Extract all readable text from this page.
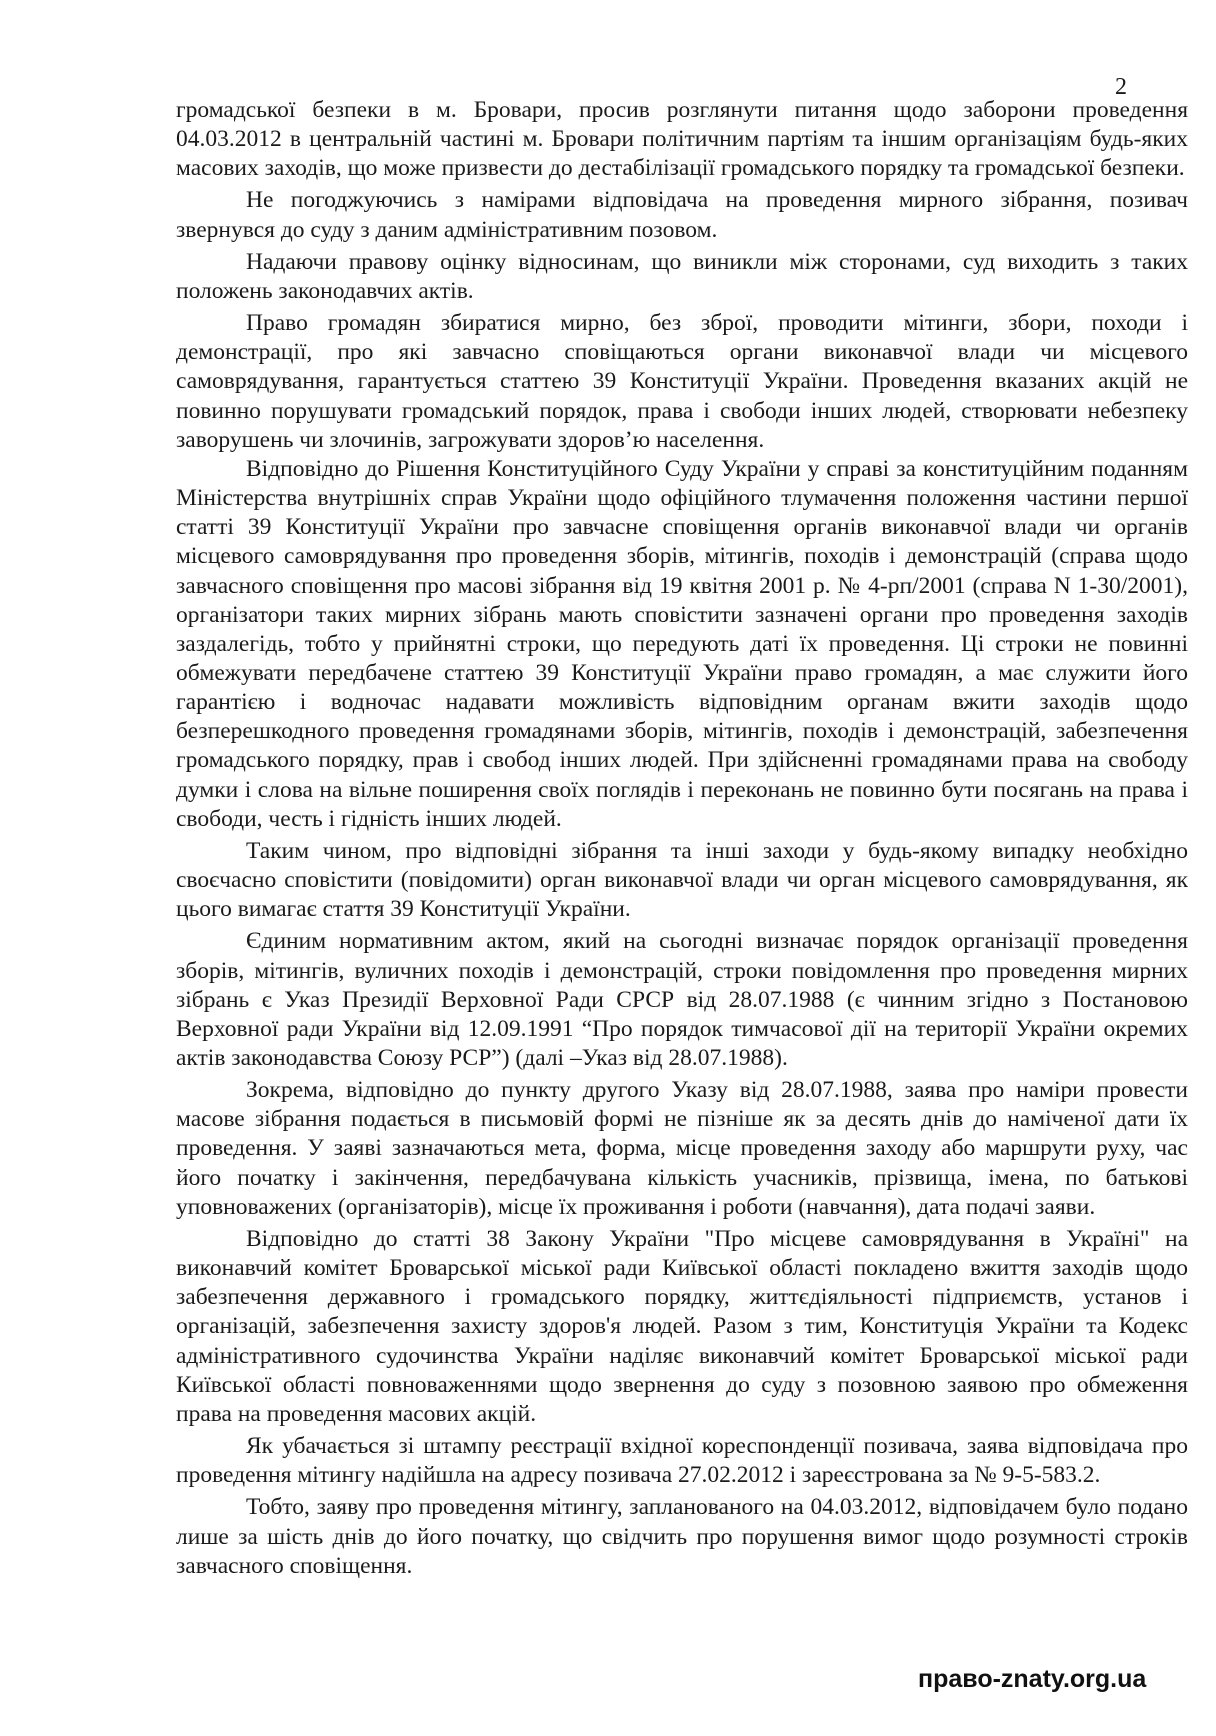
2

громадської безпеки в м. Бровари, просив розглянути питання щодо заборони проведення 04.03.2012 в центральній частині м. Бровари політичним партіям та іншим організаціям будь-яких масових заходів, що може призвести до дестабілізації громадського порядку та громадської безпеки.

Не погоджуючись з намірами відповідача на проведення мирного зібрання, позивач звернувся до суду з даним адміністративним позовом.

Надаючи правову оцінку відносинам, що виникли між сторонами, суд виходить з таких положень законодавчих актів.

Право громадян збиратися мирно, без зброї, проводити мітинги, збори, походи і демонстрації, про які завчасно сповіщаються органи виконавчої влади чи місцевого самоврядування, гарантується статтею 39 Конституції України. Проведення вказаних акцій не повинно порушувати громадський порядок, права і свободи інших людей, створювати небезпеку заворушень чи злочинів, загрожувати здоров’ю населення.

Відповідно до Рішення Конституційного Суду України у справі за конституційним поданням Міністерства внутрішніх справ України щодо офіційного тлумачення положення частини першої статті 39 Конституції України про завчасне сповіщення органів виконавчої влади чи органів місцевого самоврядування про проведення зборів, мітингів, походів і демонстрацій (справа щодо завчасного сповіщення про масові зібрання від 19 квітня 2001 р. № 4-рп/2001 (справа N 1-30/2001), організатори таких мирних зібрань мають сповістити зазначені органи про проведення заходів заздалегідь, тобто у прийнятні строки, що передують даті їх проведення. Ці строки не повинні обмежувати передбачене статтею 39 Конституції України право громадян, а має служити його гарантією і водночас надавати можливість відповідним органам вжити заходів щодо безперешкодного проведення громадянами зборів, мітингів, походів і демонстрацій, забезпечення громадського порядку, прав і свобод інших людей. При здійсненні громадянами права на свободу думки і слова на вільне поширення своїх поглядів і переконань не повинно бути посягань на права і свободи, честь і гідність інших людей.

Таким чином, про відповідні зібрання та інші заходи у будь-якому випадку необхідно своєчасно сповістити (повідомити) орган виконавчої влади чи орган місцевого самоврядування, як цього вимагає стаття 39 Конституції України.

Єдиним нормативним актом, який на сьогодні визначає порядок організації проведення зборів, мітингів, вуличних походів і демонстрацій, строки повідомлення про проведення мирних зібрань є Указ Президії Верховної Ради СРСР від 28.07.1988 (є чинним згідно з Постановою Верховної ради України від 12.09.1991 “Про порядок тимчасової дії на території України окремих актів законодавства Союзу РСР”) (далі –Указ від 28.07.1988).

Зокрема, відповідно до пункту другого Указу від 28.07.1988, заява про наміри провести масове зібрання подається в письмовій формі не пізніше як за десять днів до наміченої дати їх проведення. У заяві зазначаються мета, форма, місце проведення заходу або маршрути руху, час його початку і закінчення, передбачувана кількість учасників, прізвища, імена, по батькові уповноважених (організаторів), місце їх проживання і роботи (навчання), дата подачі заяви.

Відповідно до статті 38 Закону України "Про місцеве самоврядування в Україні" на виконавчий комітет Броварської міської ради Київської області покладено вжиття заходів щодо забезпечення державного і громадського порядку, життєдіяльності підприємств, установ і організацій, забезпечення захисту здоров'я людей. Разом з тим, Конституція України та Кодекс адміністративного судочинства України наділяє виконавчий комітет Броварської міської ради Київської області повноваженнями щодо звернення до суду з позовною заявою про обмеження права на проведення масових акцій.

Як убачається зі штампу реєстрації вхідної кореспонденції позивача, заява відповідача про проведення мітингу надійшла на адресу позивача 27.02.2012 і зареєстрована за № 9-5-583.2.

Тобто, заяву про проведення мітингу, запланованого на 04.03.2012, відповідачем було подано лише за шість днів до його початку, що свідчить про порушення вимог щодо розумності строків завчасного сповіщення.

право-znaty.org.ua
